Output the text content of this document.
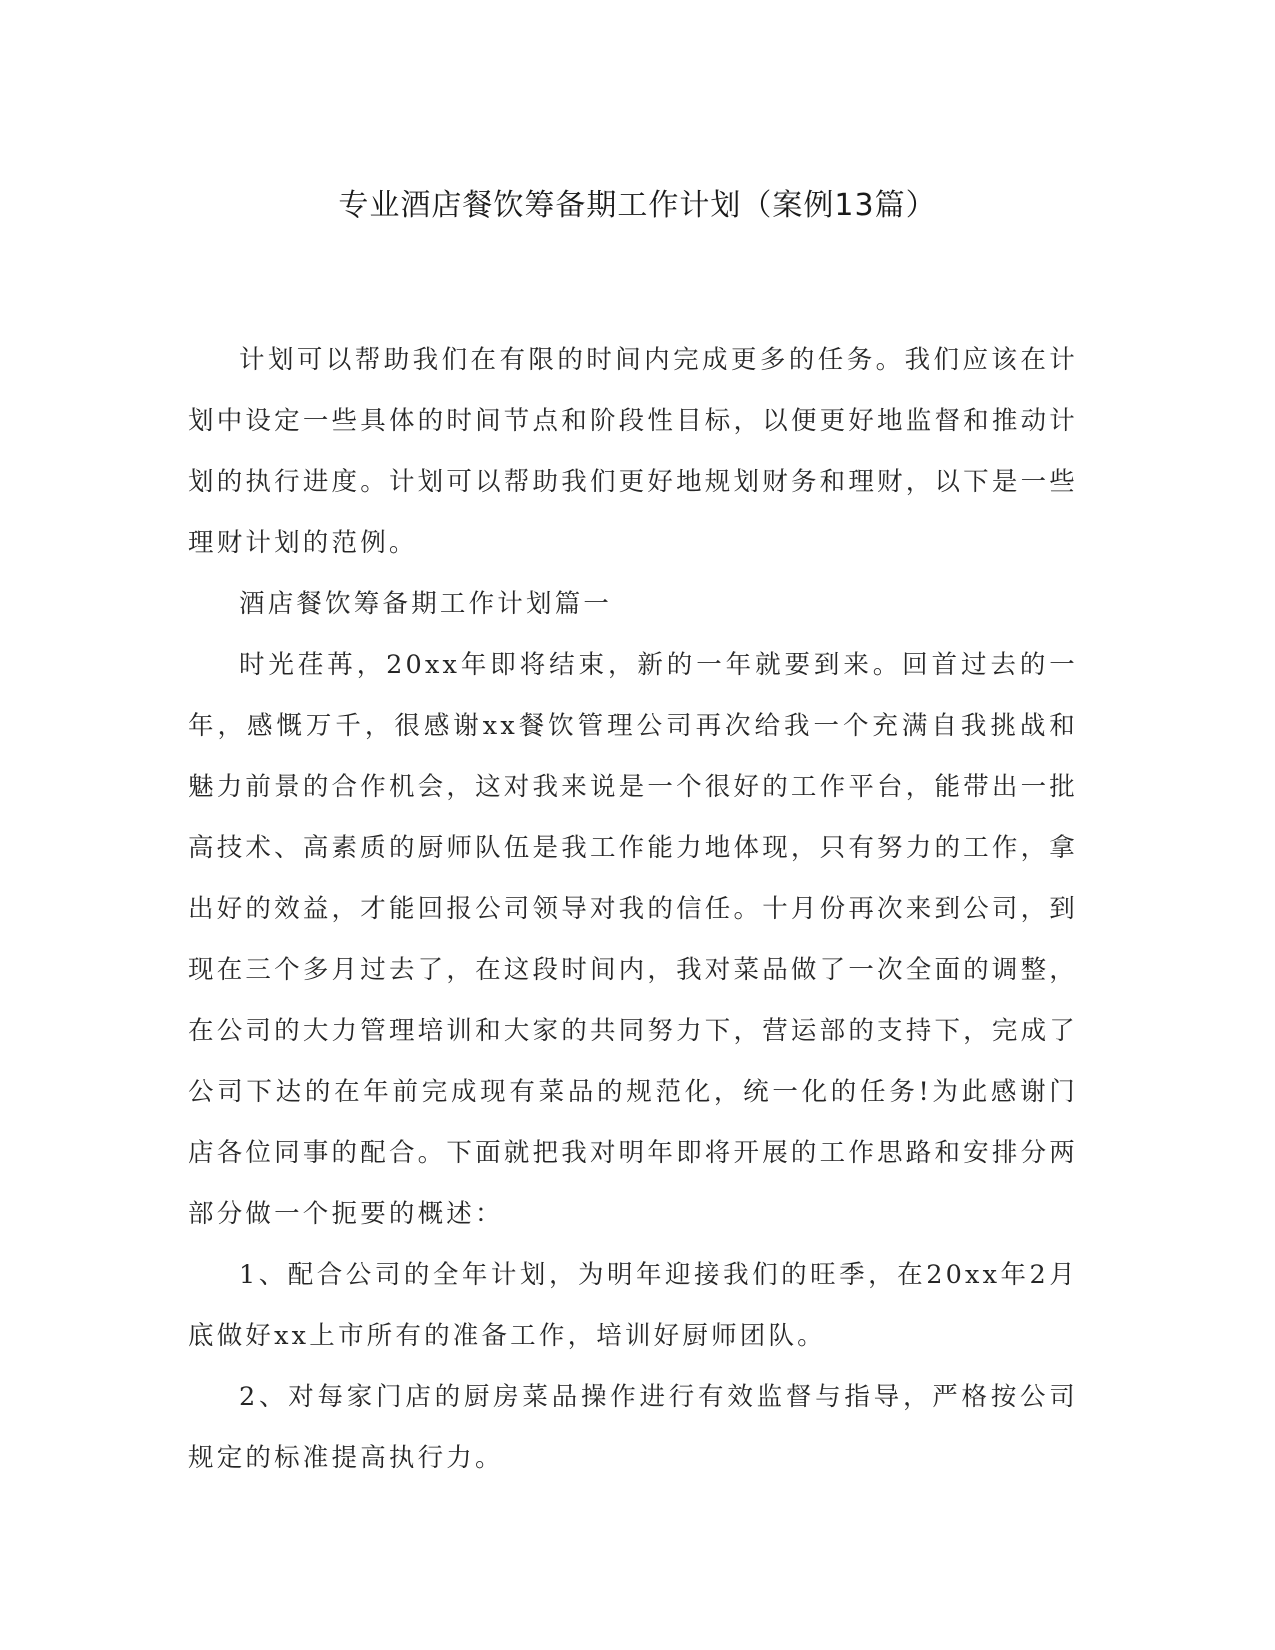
专业酒店餐饮筹备期工作计划（案例13篇）

计划可以帮助我们在有限的时间内完成更多的任务。我们应该在计划中设定一些具体的时间节点和阶段性目标，以便更好地监督和推动计划的执行进度。计划可以帮助我们更好地规划财务和理财，以下是一些理财计划的范例。

酒店餐饮筹备期工作计划篇一

时光荏苒，20xx年即将结束，新的一年就要到来。回首过去的一年，感慨万千，很感谢xx餐饮管理公司再次给我一个充满自我挑战和魅力前景的合作机会，这对我来说是一个很好的工作平台，能带出一批高技术、高素质的厨师队伍是我工作能力地体现，只有努力的工作，拿出好的效益，才能回报公司领导对我的信任。十月份再次来到公司，到现在三个多月过去了，在这段时间内，我对菜品做了一次全面的调整，在公司的大力管理培训和大家的共同努力下，营运部的支持下，完成了公司下达的在年前完成现有菜品的规范化，统一化的任务!为此感谢门店各位同事的配合。下面就把我对明年即将开展的工作思路和安排分两部分做一个扼要的概述：

1、配合公司的全年计划，为明年迎接我们的旺季，在20xx年2月底做好xx上市所有的准备工作，培训好厨师团队。

2、对每家门店的厨房菜品操作进行有效监督与指导，严格按公司规定的标准提高执行力。
